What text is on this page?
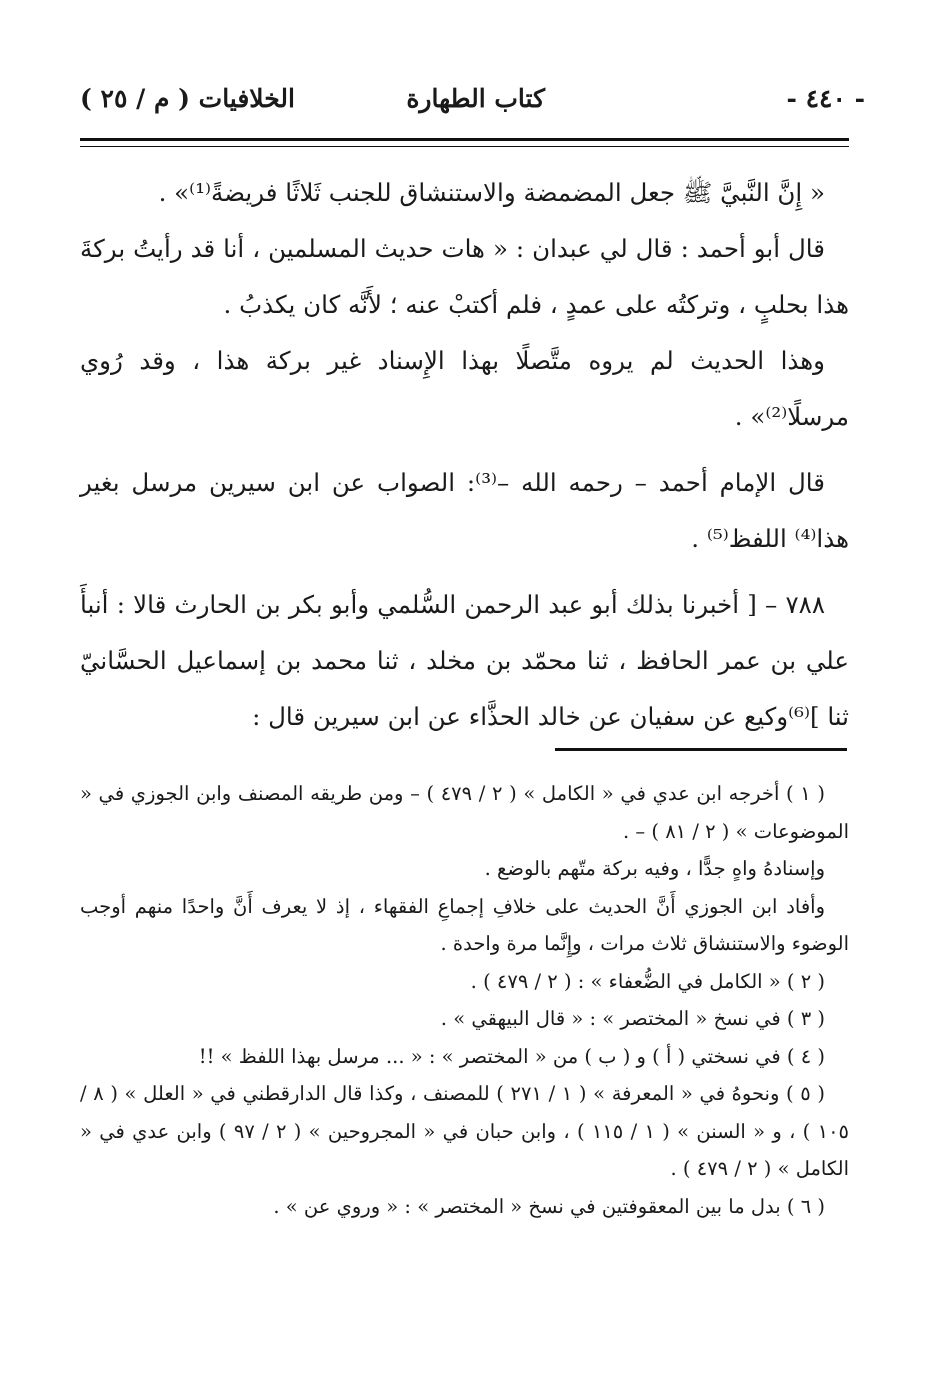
- ٤٤٠ -
كتاب الطهارة
الخلافيات ( م / ٢٥ )

« إِنَّ النَّبيَّ ﷺ جعل المضمضة والاستنشاق للجنب ثَلاثًا فريضةً⁽¹⁾» .

قال أبو أحمد : قال لي عبدان : « هات حديث المسلمين ، أنا قد رأيتُ بركةَ هذا بحلبٍ ، وتركتُه على عمدٍ ، فلم أكتبْ عنه ؛ لأَنَّه كان يكذبُ .

وهذا الحديث لم يروه متَّصلًا بهذا الإِسناد غير بركة هذا ، وقد رُوي مرسلًا⁽²⁾» .

قال الإمام أحمد – رحمه الله –⁽³⁾: الصواب عن ابن سيرين مرسل بغير هذا⁽⁴⁾ اللفظ⁽⁵⁾ .

٧٨٨ – [ أخبرنا بذلك أبو عبد الرحمن السُّلمي وأبو بكر بن الحارث قالا : أنبأَ علي بن عمر الحافظ ، ثنا محمّد بن مخلد ، ثنا محمد بن إسماعيل الحسَّانيّ ثنا ]⁽⁶⁾وكيع عن سفيان عن خالد الحذَّاء عن ابن سيرين قال :

( ١ ) أخرجه ابن عدي في « الكامل » ( ٢ / ٤٧٩ ) – ومن طريقه المصنف وابن الجوزي في « الموضوعات » ( ٢ / ٨١ ) – .

وإسنادهُ واهٍ جدًّا ، وفيه بركة متّهم بالوضع .

وأفاد ابن الجوزي أَنَّ الحديث على خلافِ إجماعِ الفقهاء ، إذ لا يعرف أَنَّ واحدًا منهم أوجب الوضوء والاستنشاق ثلاث مرات ، وإِنَّما مرة واحدة .

( ٢ ) « الكامل في الضُّعفاء » : ( ٢ / ٤٧٩ ) .

( ٣ ) في نسخ « المختصر » : « قال البيهقي » .

( ٤ ) في نسختي ( أ ) و ( ب ) من « المختصر » : « ... مرسل بهذا اللفظ » !!

( ٥ ) ونحوهُ في « المعرفة » ( ١ / ٢٧١ ) للمصنف ، وكذا قال الدارقطني في « العلل » ( ٨ / ١٠٥ ) ، و « السنن » ( ١ / ١١٥ ) ، وابن حبان في « المجروحين » ( ٢ / ٩٧ ) وابن عدي في « الكامل » ( ٢ / ٤٧٩ ) .

( ٦ ) بدل ما بين المعقوفتين في نسخ « المختصر » : « وروي عن » .
